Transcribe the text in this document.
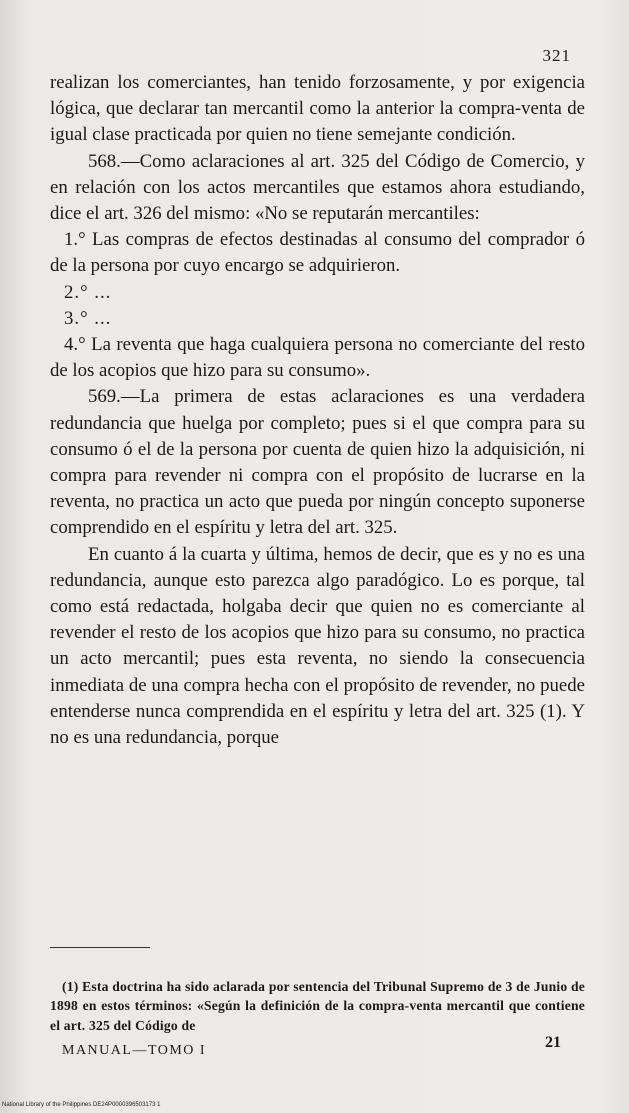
321

realizan los comerciantes, han tenido forzosamente, y por exigencia lógica, que declarar tan mercantil como la anterior la compra-venta de igual clase practicada por quien no tiene semejante condición.

568.—Como aclaraciones al art. 325 del Código de Comercio, y en relación con los actos mercantiles que estamos ahora estudiando, dice el art. 326 del mismo: «No se reputarán mercantiles:

1.° Las compras de efectos destinadas al consumo del comprador ó de la persona por cuyo encargo se adquirieron.

2.° ...

3.° ...

4.° La reventa que haga cualquiera persona no comerciante del resto de los acopios que hizo para su consumo».

569.—La primera de estas aclaraciones es una verdadera redundancia que huelga por completo; pues si el que compra para su consumo ó el de la persona por cuenta de quien hizo la adquisición, ni compra para revender ni compra con el propósito de lucrarse en la reventa, no practica un acto que pueda por ningún concepto suponerse comprendido en el espíritu y letra del art. 325.

En cuanto á la cuarta y última, hemos de decir, que es y no es una redundancia, aunque esto parezca algo paradógico. Lo es porque, tal como está redactada, holgaba decir que quien no es comerciante al revender el resto de los acopios que hizo para su consumo, no practica un acto mercantil; pues esta reventa, no siendo la consecuencia inmediata de una compra hecha con el propósito de revender, no puede entenderse nunca comprendida en el espíritu y letra del art. 325 (1). Y no es una redundancia, porque

(1) Esta doctrina ha sido aclarada por sentencia del Tribunal Supremo de 3 de Junio de 1898 en estos términos: «Según la definición de la compra-venta mercantil que contiene el art. 325 del Código de

MANUAL—TOMO I	21
National Library of the Philippines DE24P0000396503173 1
